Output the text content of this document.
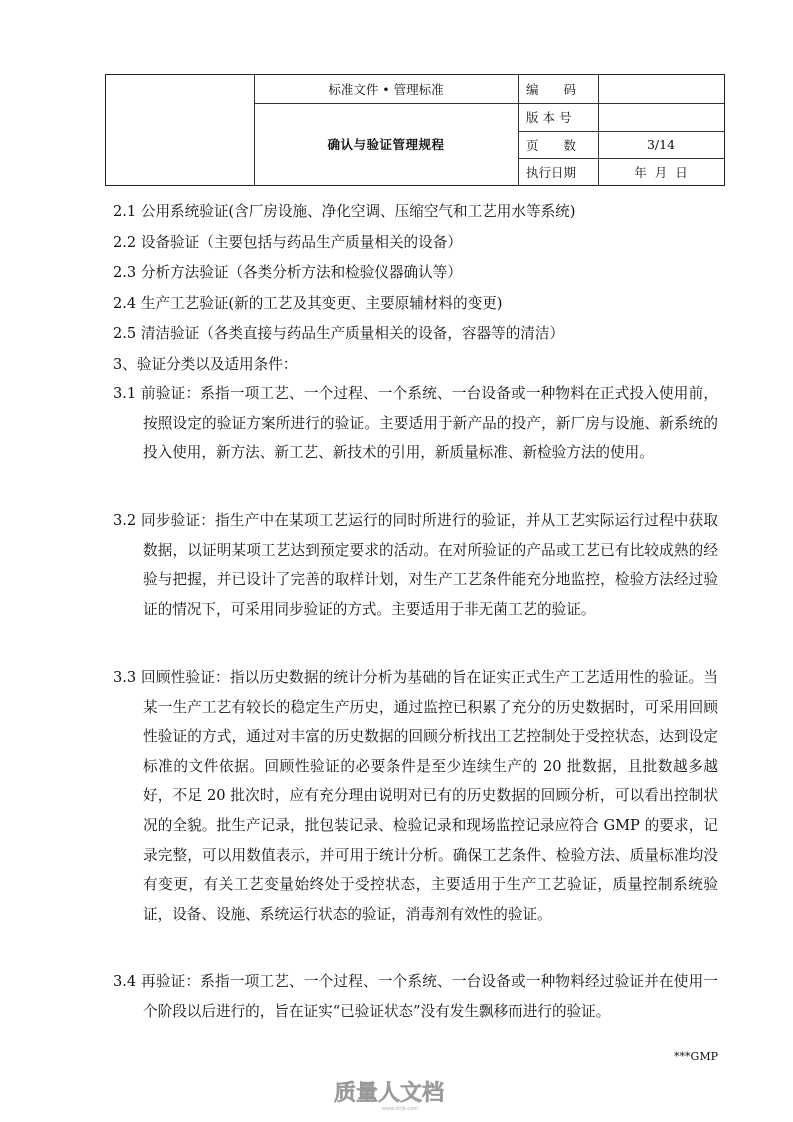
标准文件 • 管理标准
确认与验证管理规程
编　　码
版 本 号
页　　数	3/14
执行日期	年  月  日
2.1 公用系统验证(含厂房设施、净化空调、压缩空气和工艺用水等系统)
2.2 设备验证（主要包括与药品生产质量相关的设备）
2.3 分析方法验证（各类分析方法和检验仪器确认等）
2.4 生产工艺验证(新的工艺及其变更、主要原辅材料的变更)
2.5 清洁验证（各类直接与药品生产质量相关的设备，容器等的清洁）
3、验证分类以及适用条件：
3.1 前验证：系指一项工艺、一个过程、一个系统、一台设备或一种物料在正式投入使用前，按照设定的验证方案所进行的验证。主要适用于新产品的投产，新厂房与设施、新系统的投入使用，新方法、新工艺、新技术的引用，新质量标准、新检验方法的使用。
3.2 同步验证：指生产中在某项工艺运行的同时所进行的验证，并从工艺实际运行过程中获取数据，以证明某项工艺达到预定要求的活动。在对所验证的产品或工艺已有比较成熟的经验与把握，并已设计了完善的取样计划，对生产工艺条件能充分地监控，检验方法经过验证的情况下，可采用同步验证的方式。主要适用于非无菌工艺的验证。
3.3 回顾性验证：指以历史数据的统计分析为基础的旨在证实正式生产工艺适用性的验证。当某一生产工艺有较长的稳定生产历史，通过监控已积累了充分的历史数据时，可采用回顾性验证的方式，通过对丰富的历史数据的回顾分析找出工艺控制处于受控状态，达到设定标准的文件依据。回顾性验证的必要条件是至少连续生产的 20 批数据，且批数越多越好，不足 20 批次时，应有充分理由说明对已有的历史数据的回顾分析，可以看出控制状况的全貌。批生产记录，批包装记录、检验记录和现场监控记录应符合 GMP 的要求，记录完整，可以用数值表示，并可用于统计分析。确保工艺条件、检验方法、质量标准均没有变更，有关工艺变量始终处于受控状态，主要适用于生产工艺验证，质量控制系统验证，设备、设施、系统运行状态的验证，消毒剂有效性的验证。
3.4 再验证：系指一项工艺、一个过程、一个系统、一台设备或一种物料经过验证并在使用一个阶段以后进行的，旨在证实“已验证状态”没有发生飘移而进行的验证。
***GMP
质量人文档
www.zlrjk.com
